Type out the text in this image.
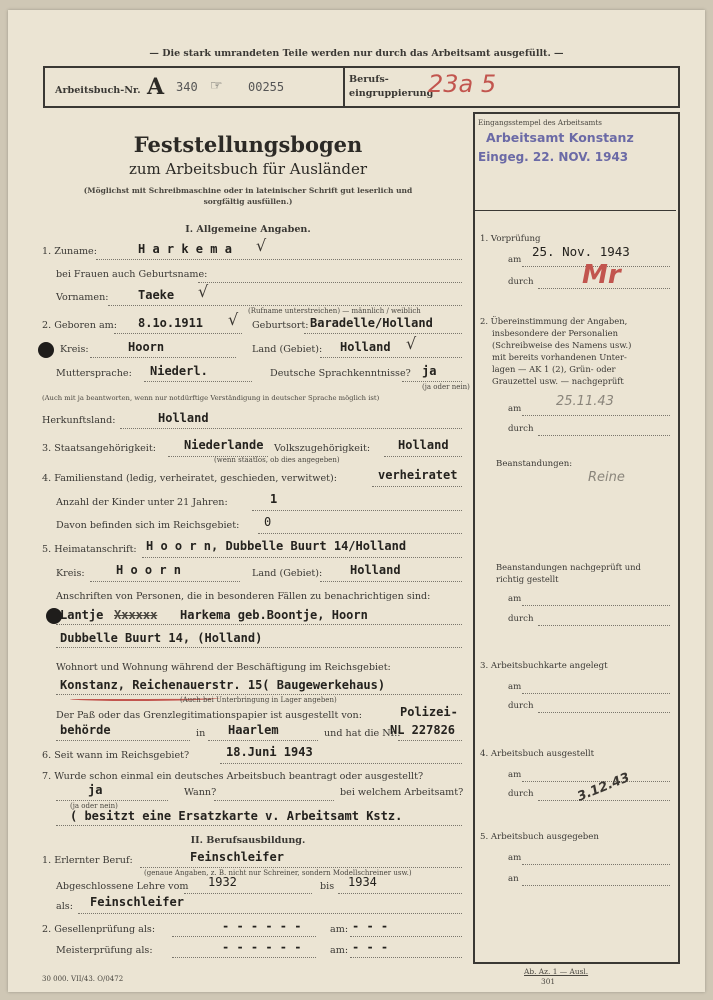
— Die stark umrandeten Teile werden nur durch das Arbeitsamt ausgefüllt. —
Arbeitsbuch-Nr. A 340 ☞ 00255
Berufs-
eingruppierung
23a 5
Feststellungsbogen
zum Arbeitsbuch für Ausländer
(Möglichst mit Schreibmaschine oder in lateinischer Schrift gut leserlich und
sorgfältig ausfüllen.)
I. Allgemeine Angaben.
1. Zuname:	H a r k e m a √
bei Frauen auch Geburtsname:
Vornamen: Taeke √
(Rufname unterstreichen) — männlich / weiblich
2. Geboren am: 8.1o.1911 √ Geburtsort: Baradelle/Holland
Kreis:	Hoorn	Land (Gebiet): Holland √
Muttersprache: Niederl.	Deutsche Sprachkenntnisse? ja
(ja oder nein)
(Auch mit ja beantworten, wenn nur notdürftige Verständigung in deutscher Sprache möglich ist)
Herkunftsland:	Holland
3. Staatsangehörigkeit: Niederlande Volkszugehörigkeit: Holland
(wenn staatlos, ob dies angegeben)
4. Familienstand (ledig, verheiratet, geschieden, verwitwet):	verheiratet
Anzahl der Kinder unter 21 Jahren:	1
Davon befinden sich im Reichsgebiet: 0
5. Heimatanschrift: H o o r n, Dubbelle Buurt 14/Holland
Kreis:	H o o r n	Land (Gebiet): Holland
Anschriften von Personen, die in besonderen Fällen zu benachrichtigen sind:
Lantje Xxxxxx Harkema geb.Boontje, Hoorn
Dubbelle Buurt 14, (Holland)
Wohnort und Wohnung während der Beschäftigung im Reichsgebiet:
Konstanz, Reichenauerstr. 15( Baugewerkehaus)
(Auch bei Unterbringung in Lager angeben)
Der Paß oder das Grenzlegitimationspapier ist ausgestellt von:	Polizei-
behörde	in Haarlem	und hat die Nr.:
NL 227826
6. Seit wann im Reichsgebiet?	18.Juni 1943
7. Wurde schon einmal ein deutsches Arbeitsbuch beantragt oder ausgestellt?
ja	Wann?	bei welchem Arbeitsamt?
(ja oder nein)
( besitzt eine Ersatzkarte v. Arbeitsamt Kstz.
II. Berufsausbildung.
1. Erlernter Beruf:	Feinschleifer
(genaue Angaben, z. B. nicht nur Schreiner, sondern Modellschreiner usw.)
Abgeschlossene Lehre vom 1932	bis 1934
als: Feinschleifer
2. Gesellenprüfung als:	- - - - - -	am: - - -
Meisterprüfung als:	- - - - - -	am: - - -
Eingangsstempel des Arbeitsamts
Arbeitsamt Konstanz
Eingeg. 22. NOV. 1943
1. Vorprüfung
am
25. Nov. 1943
durch Mr
2. Übereinstimmung der Angaben,
insbesondere der Personalien
(Schreibweise des Namens usw.)
mit bereits vorhandenen Unter-
lagen — AK 1 (2), Grün- oder
Grauzettel usw. — nachgeprüft
am	25.11.43
durch
Beanstandungen:
Reine
Beanstandungen nachgeprüft und
richtig gestellt
am
durch
3. Arbeitsbuchkarte angelegt
am
durch
4. Arbeitsbuch ausgestellt
am
durch	3.12.43
5. Arbeitsbuch ausgegeben
am
an
30 000. VII/43. O/0472
Ab. Az. 1 — Ausl.
301
